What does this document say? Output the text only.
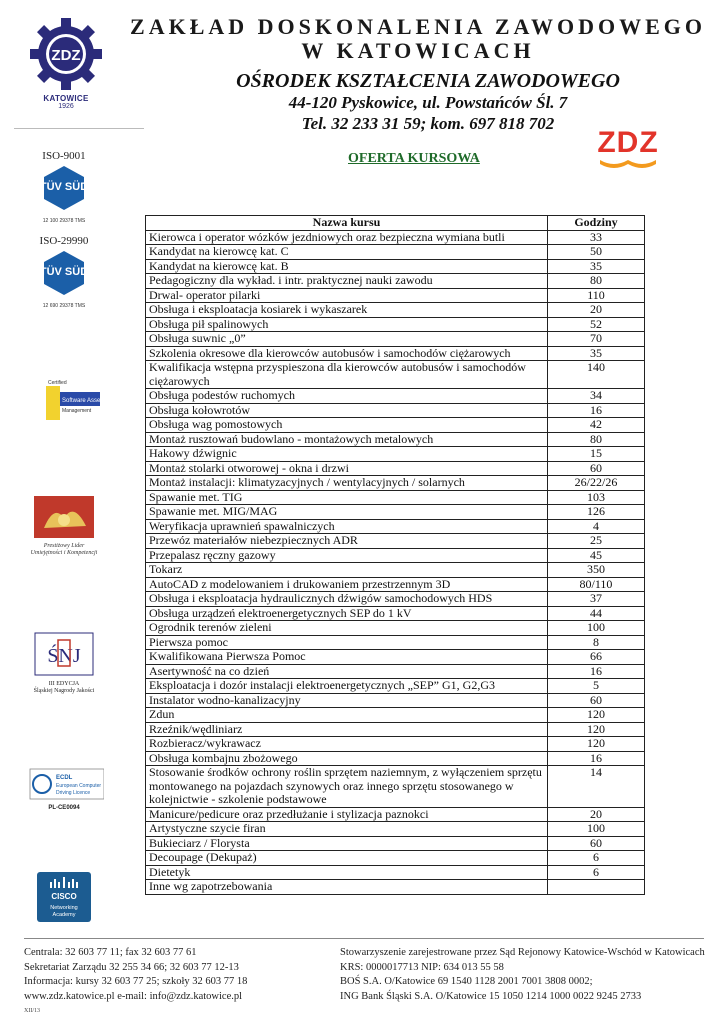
ZDZ
KATOWICE
1926
ZAKŁAD DOSKONALENIA ZAWODOWEGO
W KATOWICACH
OŚRODEK KSZTAŁCENIA ZAWODOWEGO
44-120 Pyskowice, ul. Powstańców Śl. 7
Tel. 32 233 31 59; kom. 697 818 702
OFERTA KURSOWA	ZDZ
ISO-9001
TÜV SÜD
12 100 29378 TMS
ISO-29990
TÜV SÜD
12 690 29378 TMS
Certified
Software Assets
Management
Prestiżowy Lider
Umiejętności i Kompetencji
ŚNJ
III EDYCJA
Śląskiej Nagrody Jakości
ECDL
European Computer
Driving Licence
PL-CE0094
CISCO
Networking
Academy
Nazwa kursu	Godziny
Kierowca i operator wózków jezdniowych oraz bezpieczna wymiana butli	33
Kandydat na kierowcę kat. C	50
Kandydat na kierowcę kat. B	35
Pedagogiczny dla wykład. i intr. praktycznej nauki zawodu	80
Drwal- operator pilarki	110
Obsługa i eksploatacja kosiarek i wykaszarek	20
Obsługa pił spalinowych	52
Obsługa suwnic „0”	70
Szkolenia okresowe dla kierowców autobusów i samochodów ciężarowych	35
Kwalifikacja wstępna przyspieszona dla kierowców autobusów i samochodów ciężarowych	140
Obsługa podestów ruchomych	34
Obsługa kołowrotów	16
Obsługa wag pomostowych	42
Montaż rusztowań budowlano - montażowych metalowych	80
Hakowy dźwignic	15
Montaż stolarki otworowej - okna i drzwi	60
Montaż instalacji: klimatyzacyjnych / wentylacyjnych / solarnych	26/22/26
Spawanie met. TIG	103
Spawanie met. MIG/MAG	126
Weryfikacja uprawnień spawalniczych	4
Przewóz materiałów niebezpiecznych ADR	25
Przepalasz ręczny gazowy	45
Tokarz	350
AutoCAD z modelowaniem i drukowaniem przestrzennym 3D	80/110
Obsługa i eksploatacja hydraulicznych dźwigów samochodowych HDS	37
Obsługa urządzeń elektroenergetycznych SEP do 1 kV	44
Ogrodnik terenów zieleni	100
Pierwsza pomoc	8
Kwalifikowana Pierwsza Pomoc	66
Asertywność na co dzień	16
Eksploatacja i dozór instalacji elektroenergetycznych „SEP” G1, G2,G3	5
Instalator wodno-kanalizacyjny	60
Zdun	120
Rzeźnik/wędliniarz	120
Rozbieracz/wykrawacz	120
Obsługa kombajnu zbożowego	16
Stosowanie środków ochrony roślin sprzętem naziemnym, z wyłączeniem sprzętu montowanego na pojazdach szynowych oraz innego sprzętu stosowanego w kolejnictwie - szkolenie podstawowe	14
Manicure/pedicure oraz przedłużanie i stylizacja paznokci	20
Artystyczne szycie firan	100
Bukieciarz / Florysta	60
Decoupage (Dekupaż)	6
Dietetyk	6
Inne wg zapotrzebowania	
Centrala: 32 603 77 11; fax 32 603 77 61
Sekretariat Zarządu 32 255 34 66; 32 603 77 12-13
Informacja: kursy 32 603 77 25; szkoły 32 603 77 18
www.zdz.katowice.pl e-mail: info@zdz.katowice.pl
Stowarzyszenie zarejestrowane przez Sąd Rejonowy Katowice-Wschód w Katowicach
KRS: 0000017713 NIP: 634 013 55 58
BOŚ S.A. O/Katowice 69 1540 1128 2001 7001 3808 0002;
ING Bank Śląski S.A. O/Katowice 15 1050 1214 1000 0022 9245 2733
XII/13
